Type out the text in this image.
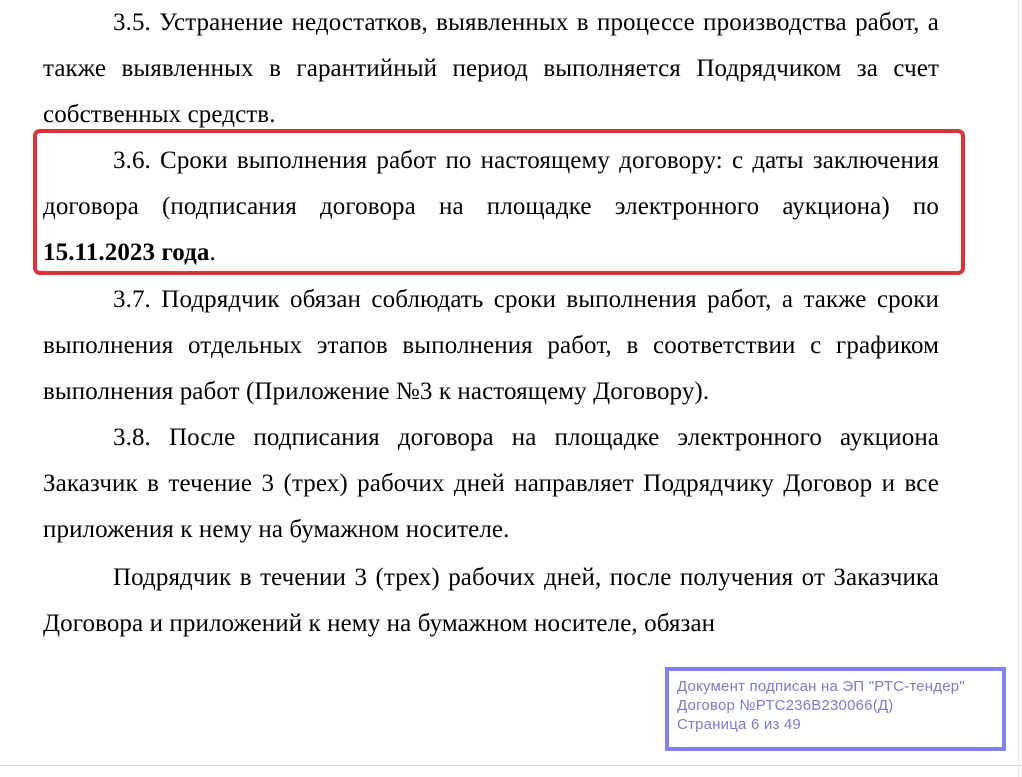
3.5. Устранение недостатков, выявленных в процессе производства работ, а также выявленных в гарантийный период выполняется Подрядчиком за счет собственных средств.

3.6. Сроки выполнения работ по настоящему договору: с даты заключения договора (подписания договора на площадке электронного аукциона) по 15.11.2023 года.

3.7. Подрядчик обязан соблюдать сроки выполнения работ, а также сроки выполнения отдельных этапов выполнения работ, в соответствии с графиком выполнения работ (Приложение №3 к настоящему Договору).

3.8. После подписания договора на площадке электронного аукциона Заказчик в течение 3 (трех) рабочих дней направляет Подрядчику Договор и все приложения к нему на бумажном носителе.

Подрядчик в течении 3 (трех) рабочих дней, после получения от Заказчика Договора и приложений к нему на бумажном носителе, обязан

Документ подписан на ЭП "РТС-тендер"
Договор №РТС236В230066(Д)
Страница 6 из 49
